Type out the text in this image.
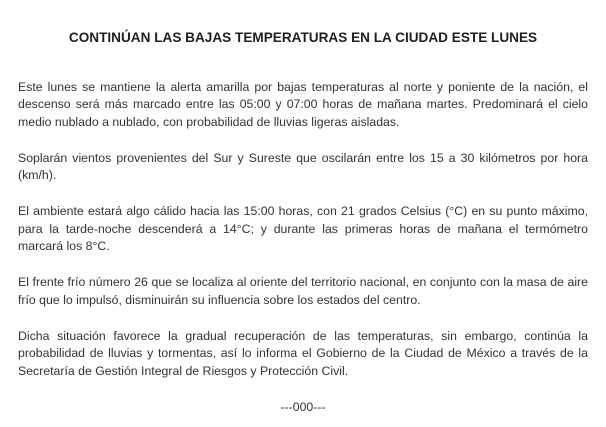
CONTINÚAN LAS BAJAS TEMPERATURAS EN LA CIUDAD ESTE LUNES

Este lunes se mantiene la alerta amarilla por bajas temperaturas al norte y poniente de la nación, el descenso será más marcado entre las 05:00 y 07:00 horas de mañana martes. Predominará el cielo medio nublado a nublado, con probabilidad de lluvias ligeras aisladas.

Soplarán vientos provenientes del Sur y Sureste que oscilarán entre los 15 a 30 kilómetros por hora (km/h).

El ambiente estará algo cálido hacia las 15:00 horas, con 21 grados Celsius (°C) en su punto máximo, para la tarde-noche descenderá a 14°C; y durante las primeras horas de mañana el termómetro marcará los 8°C.

El frente frío número 26 que se localiza al oriente del territorio nacional, en conjunto con la masa de aire frío que lo impulsó, disminuirán su influencia sobre los estados del centro.

Dicha situación favorece la gradual recuperación de las temperaturas, sin embargo, continúa la probabilidad de lluvias y tormentas, así lo informa el Gobierno de la Ciudad de México a través de la Secretaría de Gestión Integral de Riesgos y Protección Civil.

---000---
